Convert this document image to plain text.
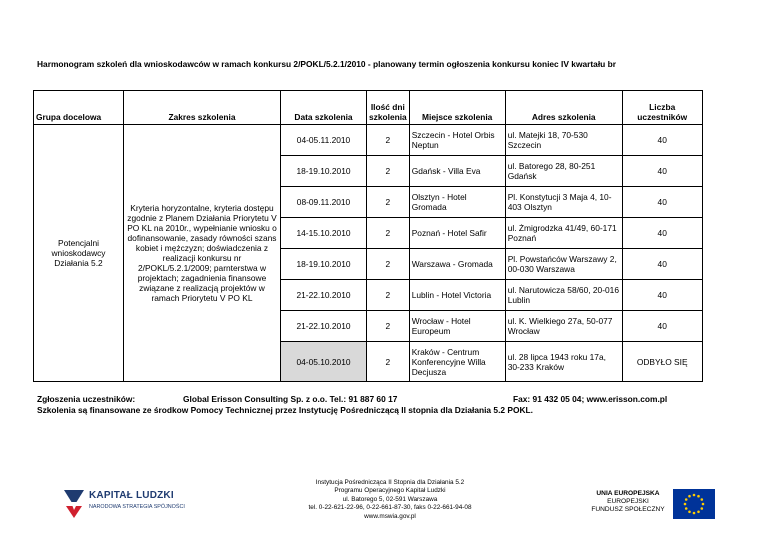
Harmonogram szkoleń dla wnioskodawców w ramach konkursu 2/POKL/5.2.1/2010 - planowany termin ogłoszenia konkursu koniec IV kwartału br
Grupa docelowa	Zakres szkolenia	Data szkolenia	Ilość dni szkolenia	Miejsce szkolenia	Adres szkolenia	Liczba uczestników
Potencjalni wnioskodawcy Działania 5.2	Kryteria horyzontalne, kryteria dostępu zgodnie z Planem Działania Priorytetu V PO KL na 2010r., wypełnianie wniosku o dofinansowanie, zasady równości szans kobiet i mężczyzn; doświadczenia z realizacji konkursu nr 2/POKL/5.2.1/2009; parnterstwa w projektach; zagadnienia finansowe związane z realizacją projektów w ramach Priorytetu V PO KL	04-05.11.2010	2	Szczecin - Hotel Orbis Neptun	ul. Matejki 18, 70-530 Szczecin	40
		18-19.10.2010	2	Gdańsk - Villa Eva	ul. Batorego 28, 80-251 Gdańsk	40
		08-09.11.2010	2	Olsztyn - Hotel Gromada	Pl. Konstytucji 3 Maja 4, 10-403 Olsztyn	40
		14-15.10.2010	2	Poznań - Hotel Safir	ul. Żmigrodzka 41/49, 60-171 Poznań	40
		18-19.10.2010	2	Warszawa - Gromada	Pl. Powstańców Warszawy 2, 00-030 Warszawa	40
		21-22.10.2010	2	Lublin - Hotel Victoria	ul. Narutowicza 58/60, 20-016 Lublin	40
		21-22.10.2010	2	Wrocław - Hotel Europeum	ul. K. Wielkiego 27a, 50-077 Wrocław	40
		04-05.10.2010	2	Kraków - Centrum Konferencyjne Willa Decjusza	ul. 28 lipca 1943 roku 17a, 30-233 Kraków	ODBYŁO SIĘ
Zgłoszenia uczestników:	Global Erisson Consulting Sp. z o.o. Tel.: 91 887 60 17	Fax: 91 432 05 04; www.erisson.com.pl
Szkolenia są finansowane ze środkow Pomocy Technicznej przez Instytucję Pośredniczącą II stopnia dla Działania 5.2 POKL.
KAPITAŁ LUDZKI
NARODOWA STRATEGIA SPÓJNOŚCI
Instytucja Pośrednicząca II Stopnia dla Działania 5.2
Programu Operacyjnego Kapitał Ludzki
ul. Batorego 5, 02-591 Warszawa
tel. 0-22-621-22-96, 0-22-661-87-30, faks 0-22-661-94-08
www.mswia.gov.pl
UNIA EUROPEJSKA
EUROPEJSKI
FUNDUSZ SPOŁECZNY
